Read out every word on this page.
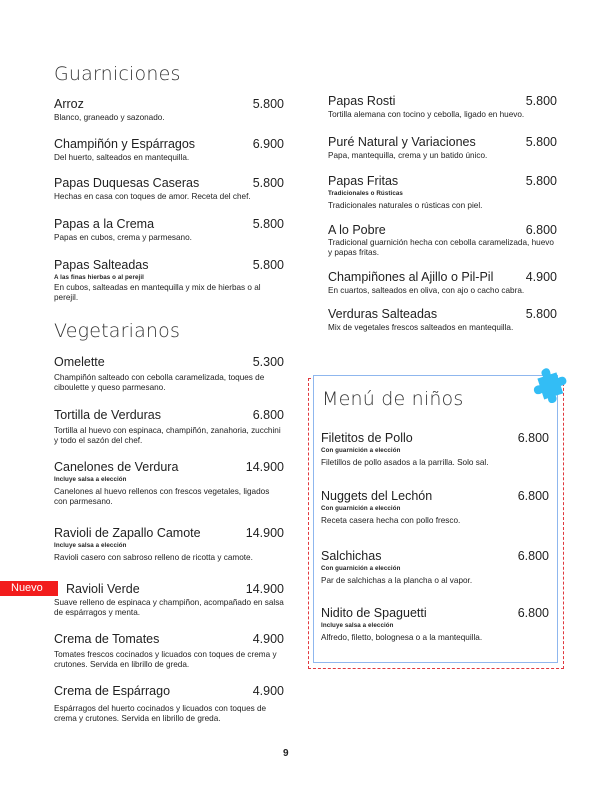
Guarniciones
Arroz	5.800
Blanco, graneado y sazonado.
Champiñón y Espárragos	6.900
Del huerto, salteados en mantequilla.
Papas Duquesas Caseras	5.800
Hechas en casa con toques de amor. Receta del chef.
Papas a la Crema	5.800
Papas en cubos, crema y parmesano.
Papas Salteadas	5.800
A las finas hierbas o al perejil
En cubos, salteadas en mantequilla y mix de hierbas o al perejil.
Vegetarianos
Omelette	5.300
Champiñón salteado con cebolla caramelizada, toques de ciboulette y queso parmesano.
Tortilla de Verduras	6.800
Tortilla al huevo con espinaca, champiñón, zanahoria, zucchini y todo el sazón del chef.
Canelones de Verdura	14.900
Incluye salsa a elección
Canelones al huevo rellenos con frescos vegetales, ligados con parmesano.
Ravioli de Zapallo Camote	14.900
Incluye salsa a elección
Ravioli casero con sabroso relleno de ricotta y camote.
Nuevo	Ravioli Verde	14.900
Suave relleno de espinaca y champiñon, acompañado en salsa de espárragos y menta.
Crema de Tomates	4.900
Tomates frescos cocinados y licuados con toques de crema y crutones. Servida en librillo de greda.
Crema de Espárrago	4.900
Espárragos del huerto cocinados y licuados con toques de crema y crutones. Servida en librillo de greda.
Papas Rosti	5.800
Tortilla alemana con tocino y cebolla, ligado en huevo.
Puré Natural y Variaciones	5.800
Papa, mantequilla, crema y un batido único.
Papas Fritas	5.800
Tradicionales o Rústicas
Tradicionales naturales o rústicas con piel.
A lo Pobre	6.800
Tradicional guarnición hecha con cebolla caramelizada, huevo y papas fritas.
Champiñones al Ajillo o Pil-Pil	4.900
En cuartos, salteados en oliva, con ajo o cacho cabra.
Verduras Salteadas	5.800
Mix de vegetales frescos salteados en mantequilla.
Menú de niños
Filetitos de Pollo	6.800
Con guarnición a elección
Filetillos de pollo asados a la parrilla. Solo sal.
Nuggets del Lechón	6.800
Con guarnición a elección
Receta casera hecha con pollo fresco.
Salchichas	6.800
Con guarnición a elección
Par de salchichas a la plancha o al vapor.
Nidito de Spaguetti	6.800
Incluye salsa a elección
Alfredo, filetto, bolognesa o a la mantequilla.
9
